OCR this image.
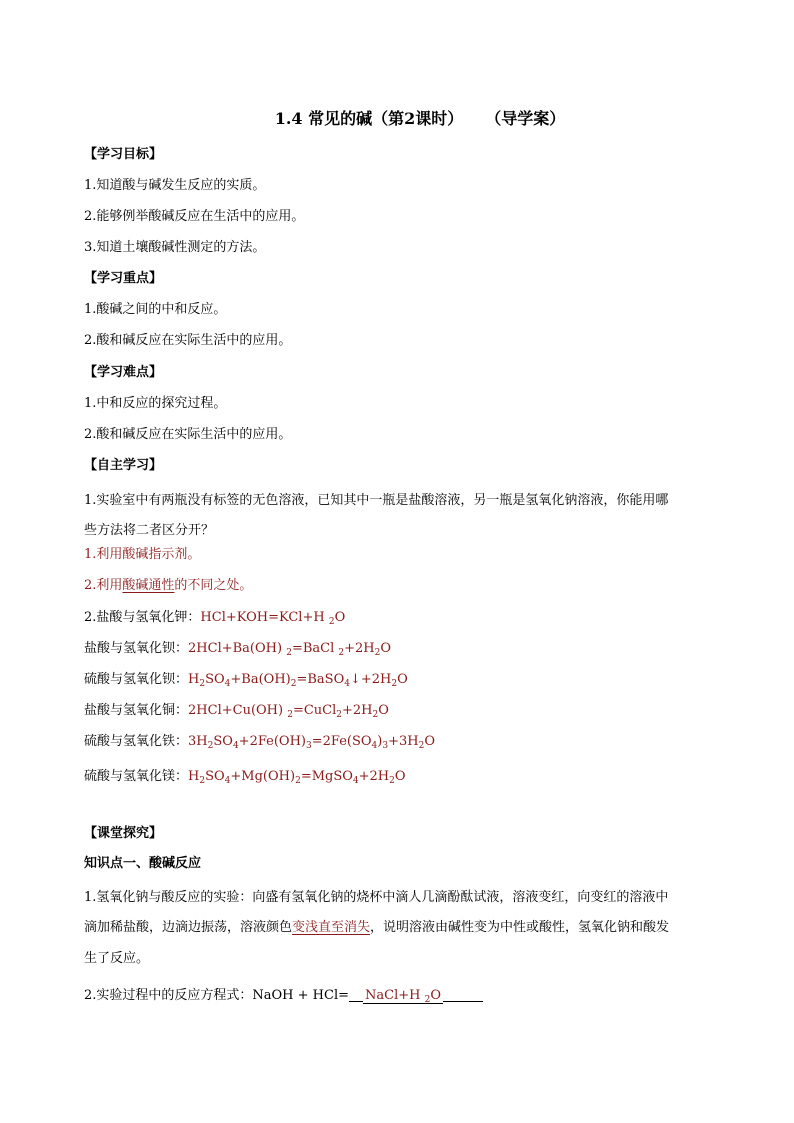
1.4 常见的碱（第2课时） （导学案）
【学习目标】
1.知道酸与碱发生反应的实质。
2.能够例举酸碱反应在生活中的应用。
3.知道土壤酸碱性测定的方法。
【学习重点】
1.酸碱之间的中和反应。
2.酸和碱反应在实际生活中的应用。
【学习难点】
1.中和反应的探究过程。
2.酸和碱反应在实际生活中的应用。
【自主学习】
1.实验室中有两瓶没有标签的无色溶液，已知其中一瓶是盐酸溶液，另一瓶是氢氧化钠溶液，你能用哪
些方法将二者区分开？
1.利用酸碱指示剂。
2.利用酸碱通性的不同之处。
2.盐酸与氢氧化钾：HCl+KOH=KCl+H $_2$O
盐酸与氢氧化钡：2HCl+Ba(OH) $_2$=BaCl $_2+2H_2O$
硫酸与氢氧化钡：$H_2SO_4+Ba(OH)_2=BaSO_4↓+2H_2O$
盐酸与氢氧化铜：2HCl+Cu(OH) $_2=CuCl_2+2H_2O$
硫酸与氢氧化铁：$3H_2SO_4+2Fe(OH)_3=2Fe(SO_4)_3+3H_2O$
硫酸与氢氧化镁：$H_2SO_4+Mg(OH)_2=MgSO_4+2H_2O$
【课堂探究】
知识点一、酸碱反应
1.氢氧化钠与酸反应的实验：向盛有氢氧化钠的烧杯中滴人几滴酚酞试液，溶液变红，向变红的溶液中
滴加稀盐酸，边滴边振荡，溶液颜色变浅直至消失，说明溶液由碱性变为中性或酸性，氢氧化钠和酸发
生了反应。
2.实验过程中的反应方程式：NaOH + HCl= NaCl+H $_2$O
